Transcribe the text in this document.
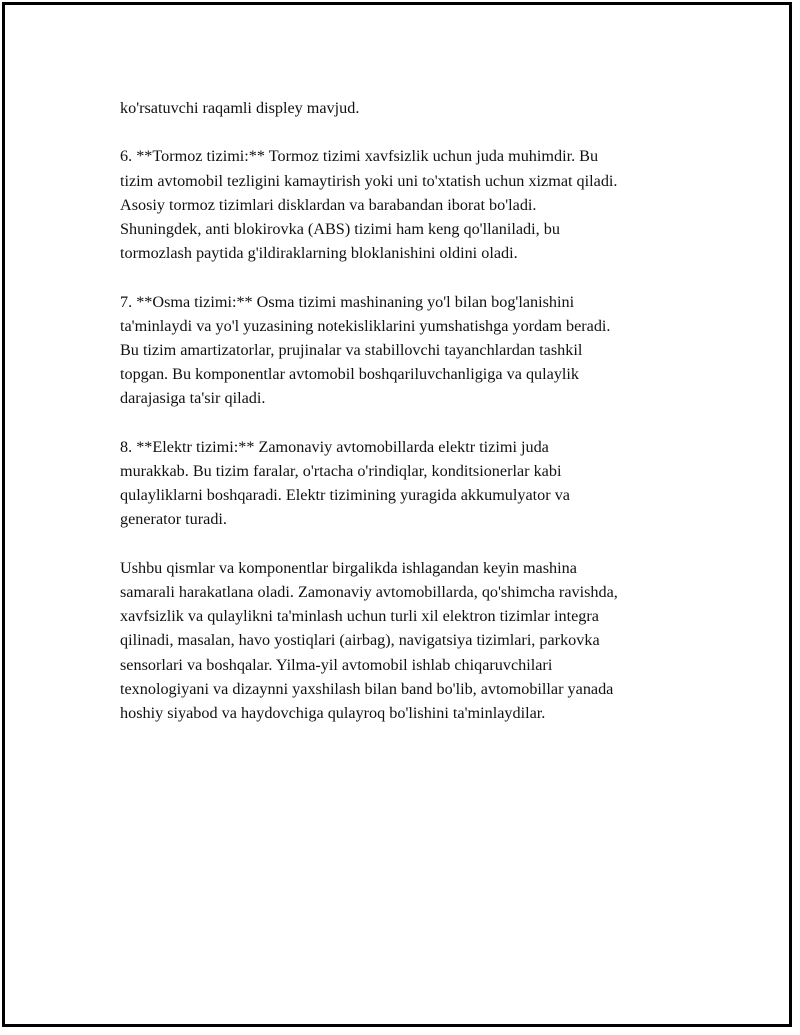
ko'rsatuvchi raqamli displey mavjud.

6. **Tormoz tizimi:** Tormoz tizimi xavfsizlik uchun juda muhimdir. Bu
tizim avtomobil tezligini kamaytirish yoki uni to'xtatish uchun xizmat qiladi.
Asosiy tormoz tizimlari disklardan va barabandan iborat bo'ladi.
Shuningdek, anti blokirovka (ABS) tizimi ham keng qo'llaniladi, bu
tormozlash paytida g'ildiraklarning bloklanishini oldini oladi.

7. **Osma tizimi:** Osma tizimi mashinaning yo'l bilan bog'lanishini
ta'minlaydi va yo'l yuzasining notekisliklarini yumshatishga yordam beradi.
Bu tizim amartizatorlar, prujinalar va stabillovchi tayanchlardan tashkil
topgan. Bu komponentlar avtomobil boshqariluvchanligiga va qulaylik
darajasiga ta'sir qiladi.

8. **Elektr tizimi:** Zamonaviy avtomobillarda elektr tizimi juda
murakkab. Bu tizim faralar, o'rtacha o'rindiqlar, konditsionerlar kabi
qulayliklarni boshqaradi. Elektr tizimining yuragida akkumulyator va
generator turadi.

Ushbu qismlar va komponentlar birgalikda ishlagandan keyin mashina
samarali harakatlana oladi. Zamonaviy avtomobillarda, qo'shimcha ravishda,
xavfsizlik va qulaylikni ta'minlash uchun turli xil elektron tizimlar integra
qilinadi, masalan, havo yostiqlari (airbag), navigatsiya tizimlari, parkovka
sensorlari va boshqalar. Yilma-yil avtomobil ishlab chiqaruvchilari
texnologiyani va dizaynni yaxshilash bilan band bo'lib, avtomobillar yanada
hoshiy siyabod va haydovchiga qulayroq bo'lishini ta'minlaydilar.
